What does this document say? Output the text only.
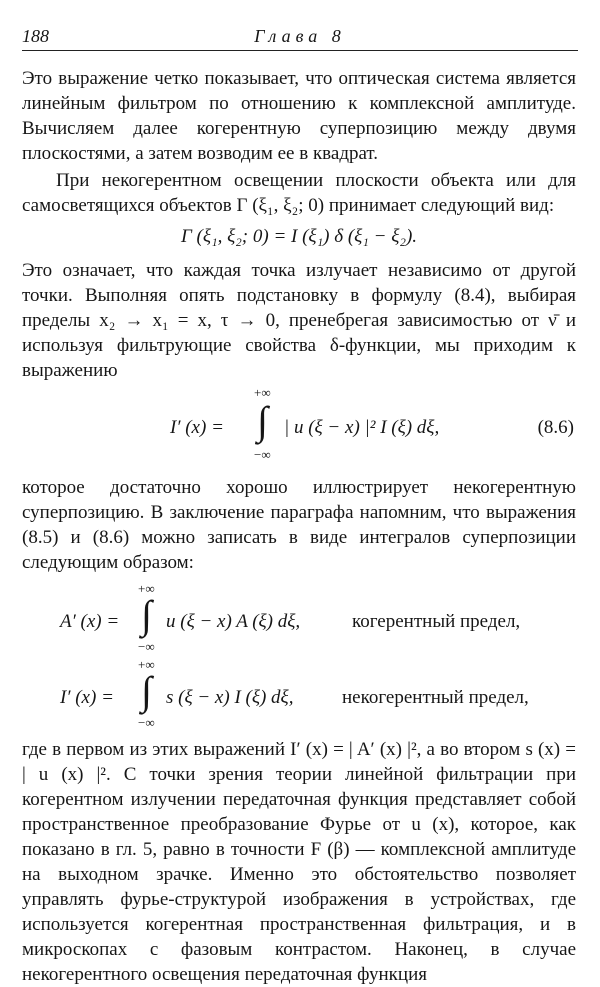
188	Глава 8

Это выражение четко показывает, что оптическая система является линейным фильтром по отношению к комплексной амплитуде. Вычисляем далее когерентную суперпозицию между двумя плоскостями, а затем возводим ее в квадрат.

При некогерентном освещении плоскости объекта или для самосветящихся объектов Γ (ξ₁, ξ₂; 0) принимает следующий вид:

Γ (ξ₁, ξ₂; 0) = I (ξ₁) δ (ξ₁ − ξ₂).

Это означает, что каждая точка излучает независимо от другой точки. Выполняя опять подстановку в формулу (8.4), выбирая пределы x₂ → x₁ = x, τ → 0, пренебрегая зависимостью от ν̄ и используя фильтрующие свойства δ-функции, мы приходим к выражению

I′ (x) =
+∞
∫
−∞
| u (ξ − x) |² I (ξ) dξ,	(8.6)

которое достаточно хорошо иллюстрирует некогерентную суперпозицию. В заключение параграфа напомним, что выражения (8.5) и (8.6) можно записать в виде интегралов суперпозиции следующим образом:

A′ (x) =
+∞
∫
−∞
u (ξ − x) A (ξ) dξ,	когерентный предел,
I′ (x) =
+∞
∫
−∞
s (ξ − x) I (ξ) dξ,	некогерентный предел,

где в первом из этих выражений I′ (x) = | A′ (x) |², а во втором s (x) = | u (x) |². С точки зрения теории линейной фильтрации при когерентном излучении передаточная функция представляет собой пространственное преобразование Фурье от u (x), которое, как показано в гл. 5, равно в точности F (β) — комплексной амплитуде на выходном зрачке. Именно это обстоятельство позволяет управлять фурье-структурой изображения в устройствах, где используется когерентная пространственная фильтрация, и в микроскопах с фазовым контрастом. Наконец, в случае некогерентного освещения передаточная функция
